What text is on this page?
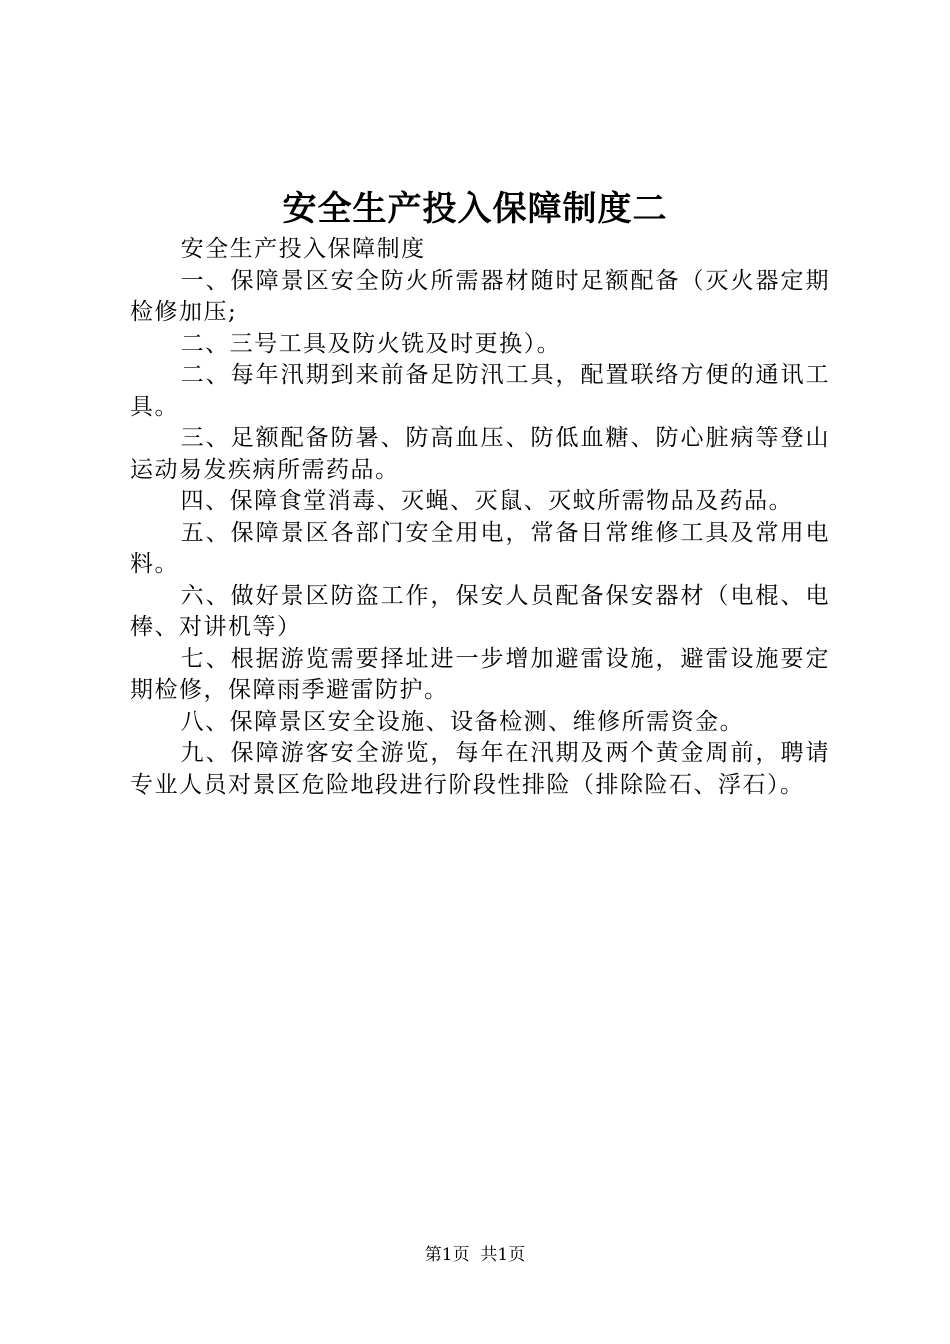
安全生产投入保障制度二

安全生产投入保障制度

一、保障景区安全防火所需器材随时足额配备（灭火器定期检修加压;

二、三号工具及防火铣及时更换）。

二、每年汛期到来前备足防汛工具，配置联络方便的通讯工具。

三、足额配备防暑、防高血压、防低血糖、防心脏病等登山运动易发疾病所需药品。

四、保障食堂消毒、灭蝇、灭鼠、灭蚊所需物品及药品。

五、保障景区各部门安全用电，常备日常维修工具及常用电料。

六、做好景区防盗工作，保安人员配备保安器材（电棍、电棒、对讲机等）

七、根据游览需要择址进一步增加避雷设施，避雷设施要定期检修，保障雨季避雷防护。

八、保障景区安全设施、设备检测、维修所需资金。

九、保障游客安全游览，每年在汛期及两个黄金周前，聘请专业人员对景区危险地段进行阶段性排险（排除险石、浮石）。

第1页 共1页
